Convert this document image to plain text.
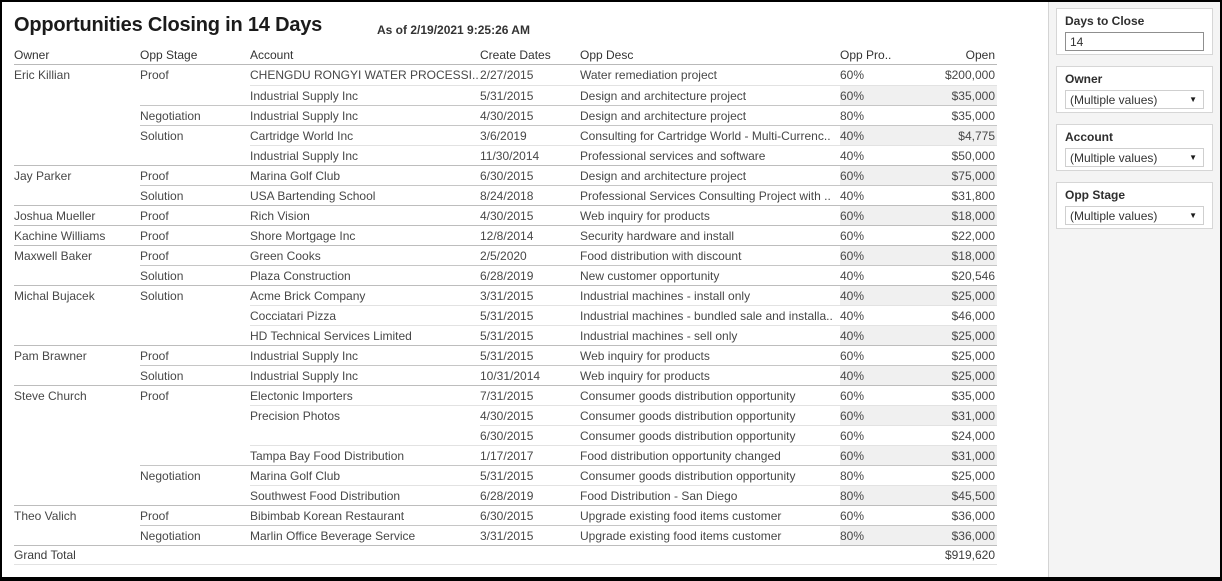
Opportunities Closing in 14 Days	As of 2/19/2021 9:25:26 AM
Owner	Opp Stage	Account	Create Dates	Opp Desc	Opp Pro..	Open
Eric Killian	Proof	CHENGDU RONGYI WATER PROCESSI.. 2/27/2015	Water remediation project	60%	$200,000
Industrial Supply Inc	5/31/2015	Design and architecture project	60%	$35,000
Negotiation	Industrial Supply Inc	4/30/2015	Design and architecture project	80%	$35,000
Solution	Cartridge World Inc	3/6/2019	Consulting for Cartridge World - Multi-Currenc.. 40%	$4,775
Industrial Supply Inc	11/30/2014	Professional services and software	40%	$50,000
Jay Parker	Proof	Marina Golf Club	6/30/2015	Design and architecture project	60%	$75,000
Solution	USA Bartending School	8/24/2018	Professional Services Consulting Project with .. 40%	$31,800
Joshua Mueller	Proof	Rich Vision	4/30/2015	Web inquiry for products	60%	$18,000
Kachine Williams	Proof	Shore Mortgage Inc	12/8/2014	Security hardware and install	60%	$22,000
Maxwell Baker	Proof	Green Cooks	2/5/2020	Food distribution with discount	60%	$18,000
Solution	Plaza Construction	6/28/2019	New customer opportunity	40%	$20,546
Michal Bujacek	Solution	Acme Brick Company	3/31/2015	Industrial machines - install only	40%	$25,000
Cocciatari Pizza	5/31/2015	Industrial machines - bundled sale and installa.. 40%	$46,000
HD Technical Services Limited	5/31/2015	Industrial machines - sell only	40%	$25,000
Pam Brawner	Proof	Industrial Supply Inc	5/31/2015	Web inquiry for products	60%	$25,000
Solution	Industrial Supply Inc	10/31/2014	Web inquiry for products	40%	$25,000
Steve Church	Proof	Electonic Importers	7/31/2015	Consumer goods distribution opportunity	60%	$35,000
Precision Photos	4/30/2015	Consumer goods distribution opportunity	60%	$31,000
6/30/2015	Consumer goods distribution opportunity	60%	$24,000
Tampa Bay Food Distribution	1/17/2017	Food distribution opportunity changed	60%	$31,000
Negotiation	Marina Golf Club	5/31/2015	Consumer goods distribution opportunity	80%	$25,000
Southwest Food Distribution	6/28/2019	Food Distribution - San Diego	80%	$45,500
Theo Valich	Proof	Bibimbab Korean Restaurant	6/30/2015	Upgrade existing food items customer	60%	$36,000
Negotiation	Marlin Office Beverage Service	3/31/2015	Upgrade existing food items customer	80%	$36,000
Grand Total	$919,620
Days to Close
14
Owner
(Multiple values)	▼
Account
(Multiple values)	▼
Opp Stage
(Multiple values)	▼
